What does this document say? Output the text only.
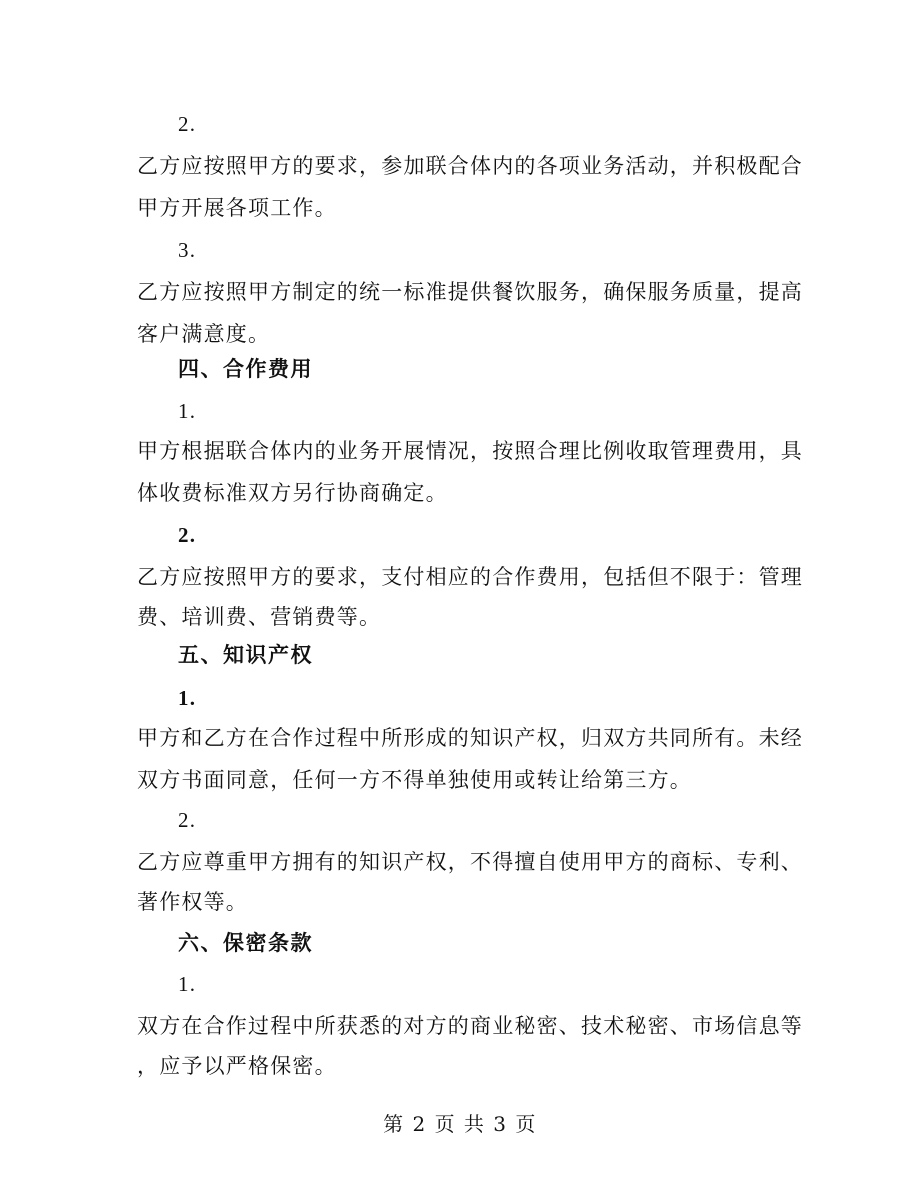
2.
乙方应按照甲方的要求，参加联合体内的各项业务活动，并积极配合
甲方开展各项工作。
3.
乙方应按照甲方制定的统一标准提供餐饮服务，确保服务质量，提高
客户满意度。
四、合作费用
1.
甲方根据联合体内的业务开展情况，按照合理比例收取管理费用，具
体收费标准双方另行协商确定。
2.
乙方应按照甲方的要求，支付相应的合作费用，包括但不限于：管理
费、培训费、营销费等。
五、知识产权
1.
甲方和乙方在合作过程中所形成的知识产权，归双方共同所有。未经
双方书面同意，任何一方不得单独使用或转让给第三方。
2.
乙方应尊重甲方拥有的知识产权，不得擅自使用甲方的商标、专利、
著作权等。
六、保密条款
1.
双方在合作过程中所获悉的对方的商业秘密、技术秘密、市场信息等
，应予以严格保密。
第 2 页 共 3 页
